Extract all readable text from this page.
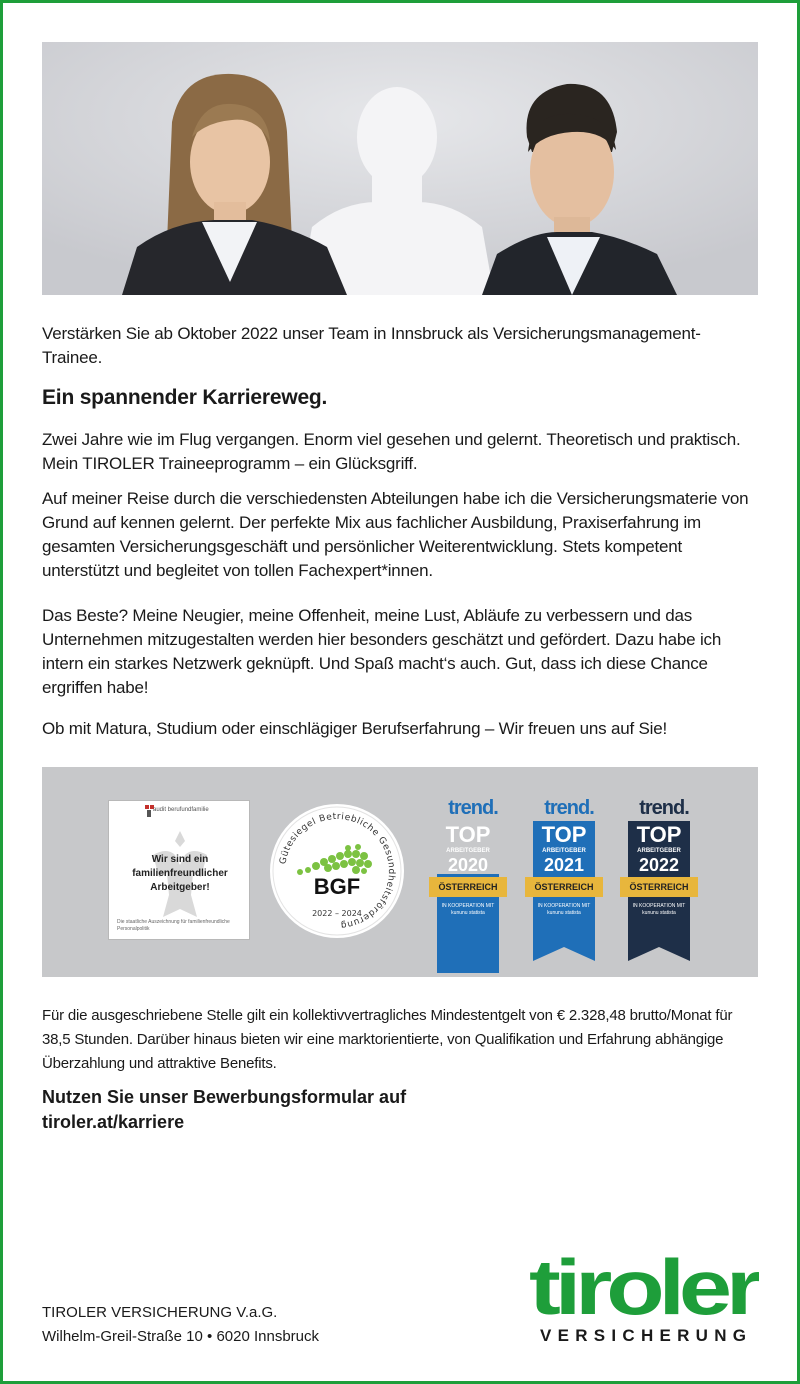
Verstärken Sie ab Oktober 2022 unser Team in Innsbruck als Versicherungsmanagement-Trainee.

Ein spannender Karriereweg.

Zwei Jahre wie im Flug vergangen. Enorm viel gesehen und gelernt. Theoretisch und praktisch. Mein TIROLER Traineeprogramm – ein Glücksgriff.

Auf meiner Reise durch die verschiedensten Abteilungen habe ich die Versicherungsmaterie von Grund auf kennen gelernt. Der perfekte Mix aus fachlicher Ausbildung, Praxiserfahrung im gesamten Versicherungsgeschäft und persönlicher Weiterentwicklung. Stets kompetent unterstützt und begleitet von tollen Fachexpert*innen.

Das Beste? Meine Neugier, meine Offenheit, meine Lust, Abläufe zu verbessern und das Unternehmen mitzugestalten werden hier besonders geschätzt und gefördert. Dazu habe ich intern ein starkes Netzwerk geknüpft. Und Spaß macht‘s auch. Gut, dass ich diese Chance ergriffen habe!

Ob mit Matura, Studium oder einschlägiger Berufserfahrung – Wir freuen uns auf Sie!

audit berufundfamilie
Wir sind ein familienfreundlicher Arbeitgeber!
Die staatliche Auszeichnung für familienfreundliche Personalpolitik
Gütesiegel Betriebliche Gesundheitsförderung
BGF
2022 – 2024
trend.
TOP
ARBEITGEBER
2020
ÖSTERREICH
IN KOOPERATION MIT kununu statista
trend.
TOP
ARBEITGEBER
2021
ÖSTERREICH
IN KOOPERATION MIT kununu statista
trend.
TOP
ARBEITGEBER
2022
ÖSTERREICH
IN KOOPERATION MIT kununu statista

Für die ausgeschriebene Stelle gilt ein kollektivvertragliches Mindestentgelt von € 2.328,48 brutto/Monat für 38,5 Stunden. Darüber hinaus bieten wir eine marktorientierte, von Qualifikation und Erfahrung abhängige Überzahlung und attraktive Benefits.

Nutzen Sie unser Bewerbungsformular auf
tiroler.at/karriere
TIROLER VERSICHERUNG V.a.G.
Wilhelm-Greil-Straße 10 • 6020 Innsbruck
tiroler
VERSICHERUNG
